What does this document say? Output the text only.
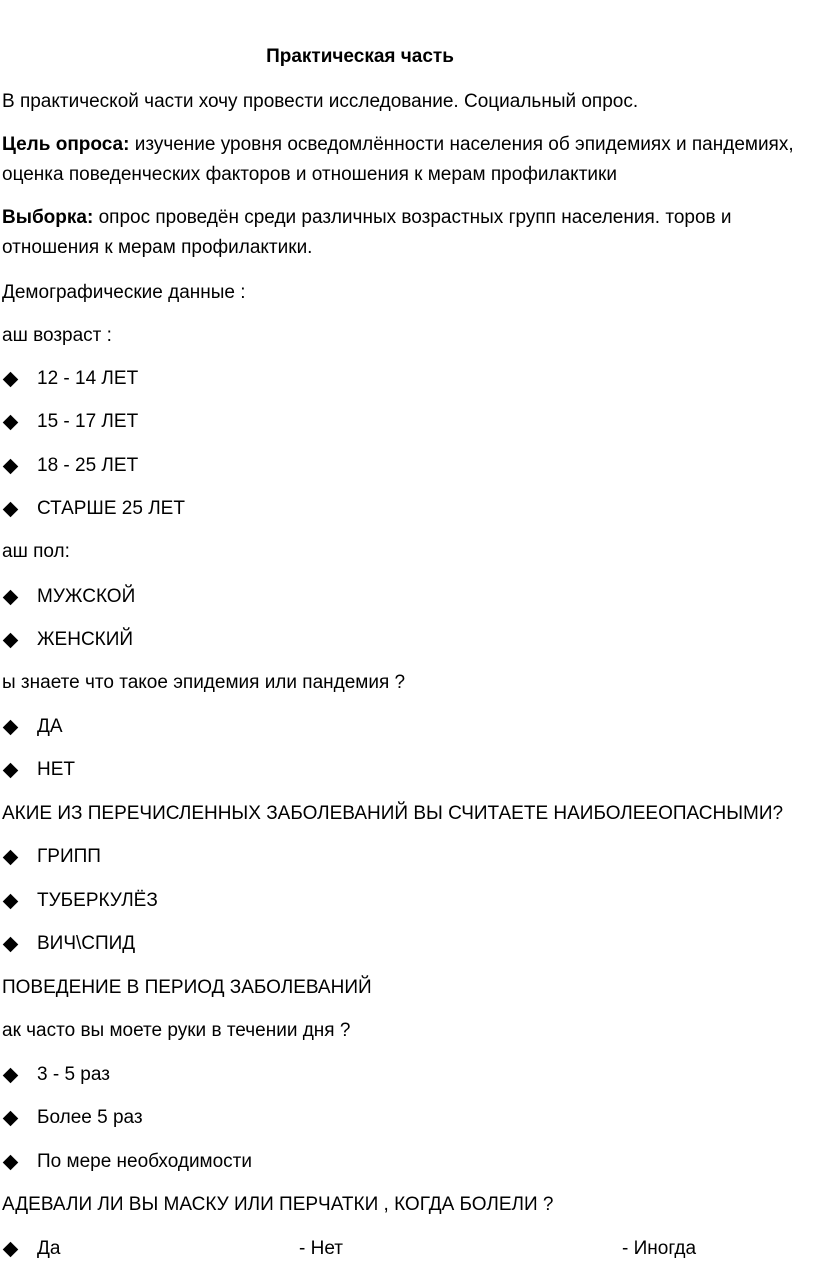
Практическая часть
В практической части хочу провести исследование. Социальный опрос.
Цель опроса: изучение уровня осведомлённости населения об эпидемиях и пандемиях,
оценка поведенческих факторов и отношения к мерам профилактики
Выборка: опрос проведён среди различных возрастных групп населения. торов и
отношения к мерам профилактики.
Демографические данные :
аш возраст :
12 - 14 ЛЕТ
15 - 17 ЛЕТ
18 - 25 ЛЕТ
СТАРШЕ 25 ЛЕТ
аш пол:
МУЖСКОЙ
ЖЕНСКИЙ
ы знаете что такое эпидемия или пандемия ?
ДА
НЕТ
АКИЕ ИЗ ПЕРЕЧИСЛЕННЫХ ЗАБОЛЕВАНИЙ ВЫ СЧИТАЕТЕ НАИБОЛЕЕОПАСНЫМИ?
ГРИПП
ТУБЕРКУЛЁЗ
ВИЧ\СПИД
ПОВЕДЕНИЕ В ПЕРИОД ЗАБОЛЕВАНИЙ
ак часто вы моете руки в течении дня ?
3 - 5 раз
Более 5 раз
По мере необходимости
АДЕВАЛИ ЛИ ВЫ МАСКУ ИЛИ ПЕРЧАТКИ , КОГДА БОЛЕЛИ ?
Да	- Нет	- Иногда
